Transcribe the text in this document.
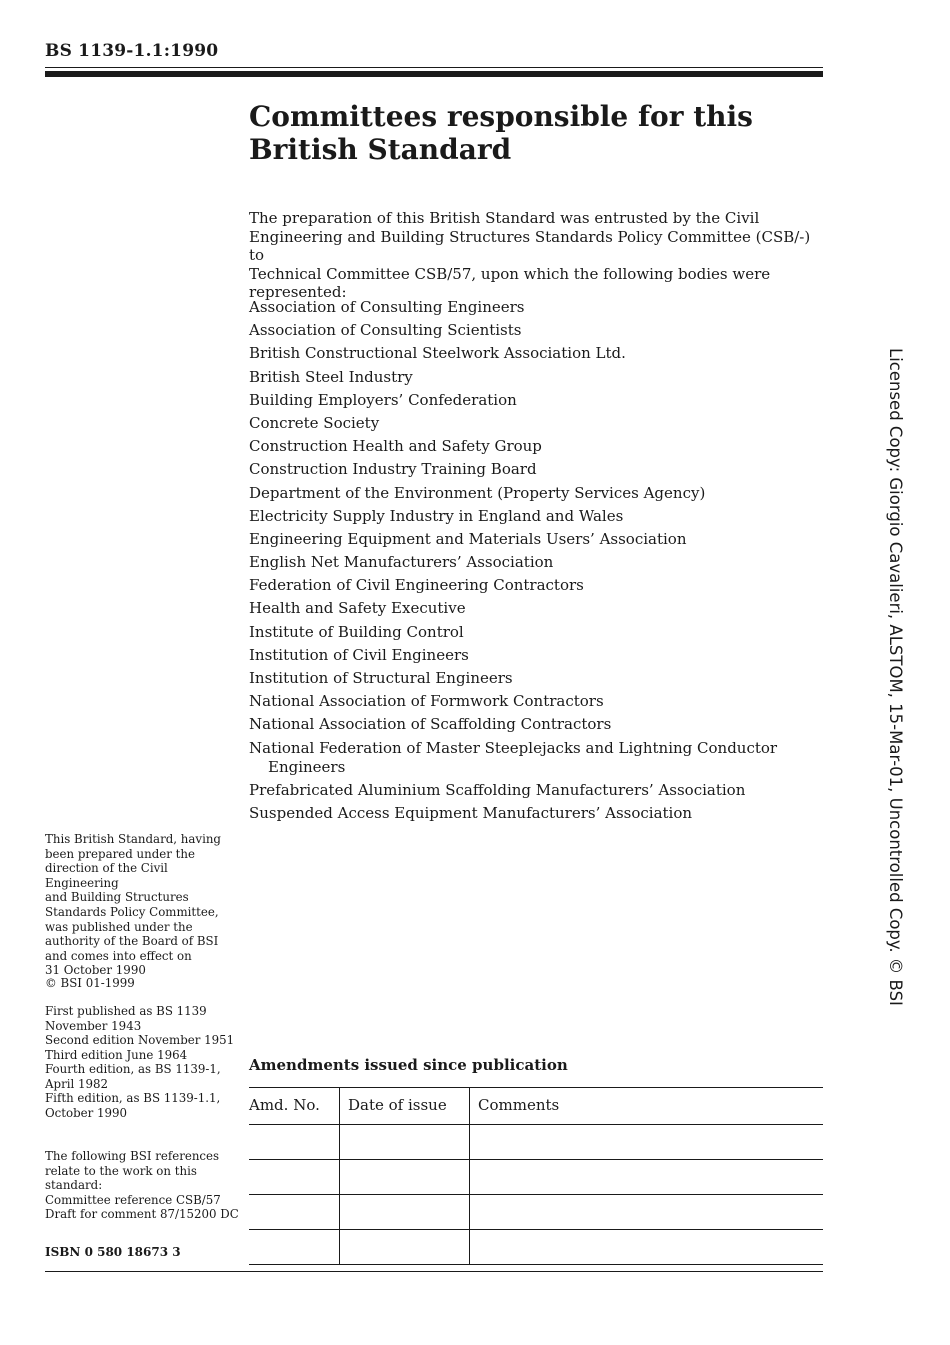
BS 1139-1.1:1990
Committees responsible for this
British Standard
The preparation of this British Standard was entrusted by the Civil
Engineering and Building Structures Standards Policy Committee (CSB/-) to
Technical Committee CSB/57, upon which the following bodies were
represented:
Association of Consulting Engineers
Association of Consulting Scientists
British Constructional Steelwork Association Ltd.
British Steel Industry
Building Employers’ Confederation
Concrete Society
Construction Health and Safety Group
Construction Industry Training Board
Department of the Environment (Property Services Agency)
Electricity Supply Industry in England and Wales
Engineering Equipment and Materials Users’ Association
English Net Manufacturers’ Association
Federation of Civil Engineering Contractors
Health and Safety Executive
Institute of Building Control
Institution of Civil Engineers
Institution of Structural Engineers
National Association of Formwork Contractors
National Association of Scaffolding Contractors
National Federation of Master Steeplejacks and Lightning Conductor Engineers
Prefabricated Aluminium Scaffolding Manufacturers’ Association
Suspended Access Equipment Manufacturers’ Association
This British Standard, having
been prepared under the
direction of the Civil Engineering
and Building Structures
Standards Policy Committee,
was published under the
authority of the Board of BSI
and comes into effect on
31 October 1990
© BSI 01-1999
First published as BS 1139
November 1943
Second edition November 1951
Third edition June 1964
Fourth edition, as BS 1139-1,
April 1982
Fifth edition, as BS 1139-1.1,
October 1990
The following BSI references
relate to the work on this
standard:
Committee reference CSB/57
Draft for comment 87/15200 DC
ISBN 0 580 18673 3
Amendments issued since publication
Amd. No.	Date of issue	Comments

Licensed Copy: Giorgio Cavalieri, ALSTOM, 15-Mar-01, Uncontrolled Copy. © BSI
